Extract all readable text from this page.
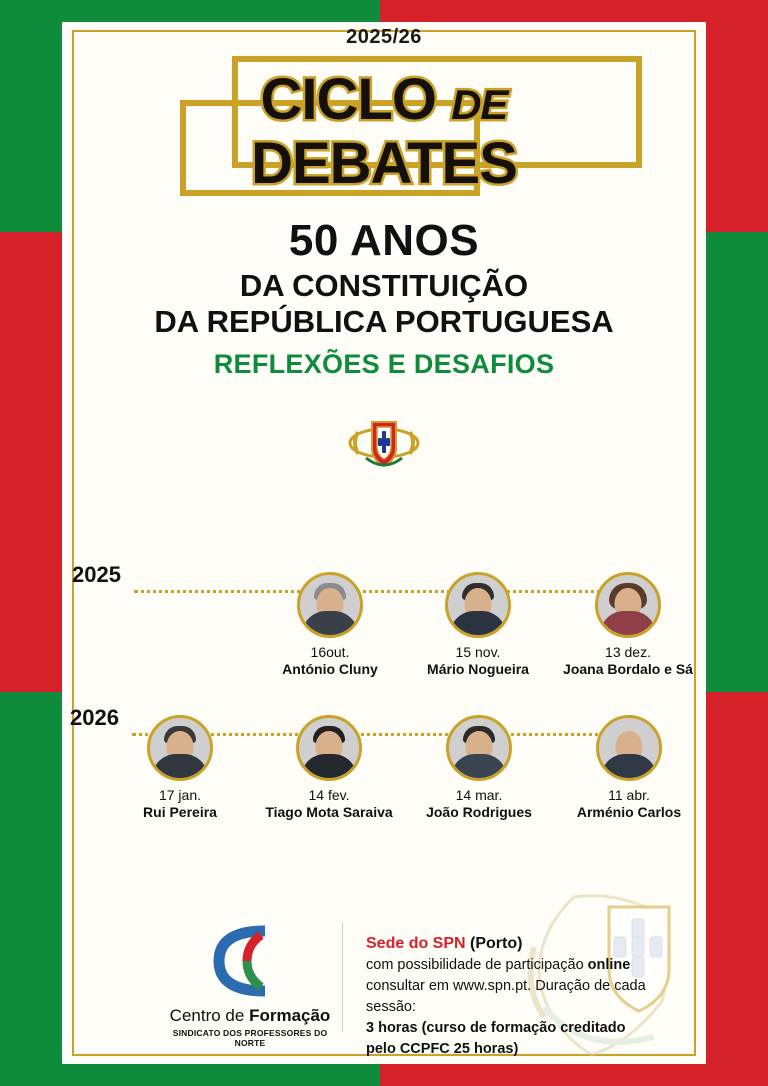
2025/26
CICLO DE
DEBATES
50 ANOS
DA CONSTITUIÇÃO
DA REPÚBLICA PORTUGUESA
REFLEXÕES E DESAFIOS
2025
16out.
António Cluny
15 nov.
Mário Nogueira
13 dez.
Joana Bordalo e Sá
2026
17 jan.
Rui Pereira
14 fev.
Tiago Mota Saraiva
14 mar.
João Rodrigues
11 abr.
Arménio Carlos
Centro de Formação
SINDICATO DOS PROFESSORES DO NORTE
Sede do SPN (Porto)
com possibilidade de participação online
consultar em www.spn.pt. Duração de cada sessão:
3 horas (curso de formação creditado
pelo CCPFC 25 horas)
